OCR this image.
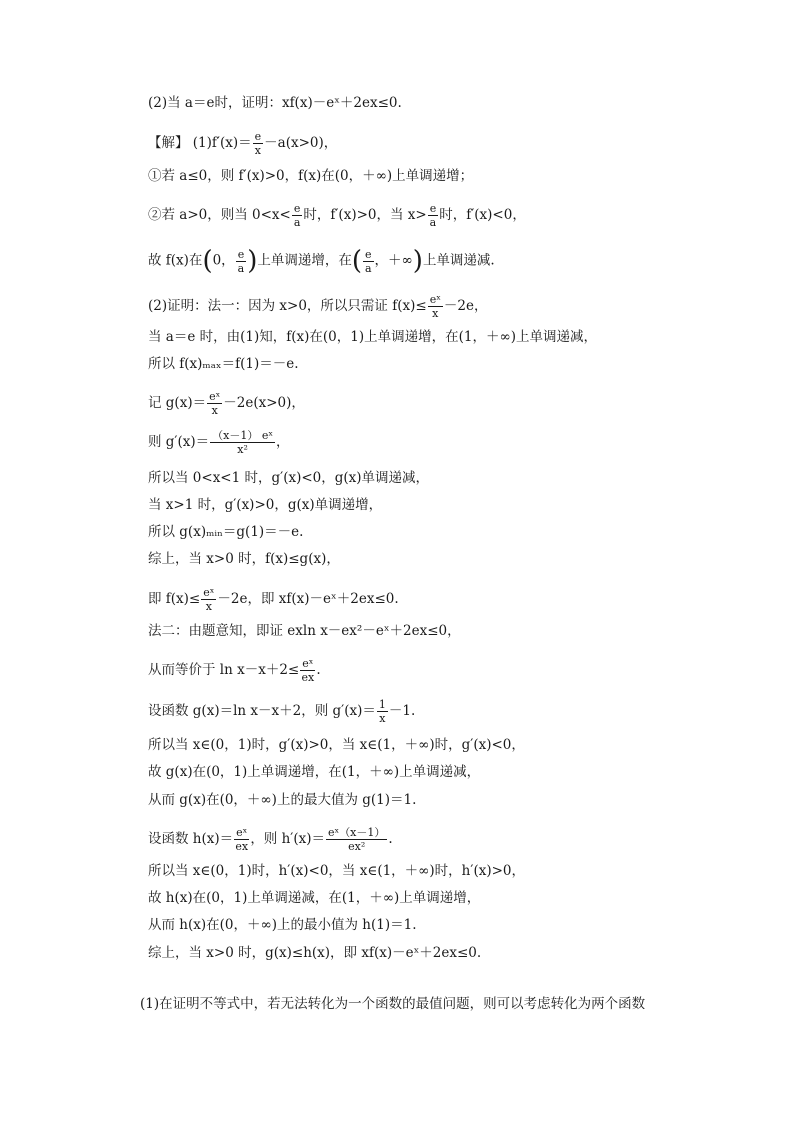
(2)当 a＝e时，证明：xf(x)－eˣ＋2ex≤0.
【解】 $(1)f'(x)= \frac{e}{x} -a(x>0)$，
①若 a≤0，则 f′(x)>0，f(x)在(0，＋∞)上单调递增；
②若 a>0，则当 $0<x< \frac{e}{a}$ 时，f′(x)>0，当 $x> \frac{e}{a}$ 时，f′(x)<0，
故 f(x)在(0， $\frac{e}{a}$ )上单调递增，在( $\frac{e}{a}$ ，＋∞)上单调递减.
(2)证明：法一：因为 x>0，所以只需证 $f(x)\le \frac{\text{eˣ}}{x} -2e$，
当 a＝e 时，由(1)知，f(x)在(0，1)上单调递增，在(1，＋∞)上单调递减，
所以 f(x)ₘₐₓ＝f(1)＝－e.
记 $g(x)= \frac{\text{eˣ}}{x} -2e(x>0)$，
则 $g'(x)= \frac{\text{（x－1） eˣ}}{\text{x²}}$ ，
所以当 0<x<1 时，g′(x)<0，g(x)单调递减，
当 x>1 时，g′(x)>0，g(x)单调递增，
所以 g(x)ₘᵢₙ＝g(1)＝－e.
综上，当 x>0 时，f(x)≤g(x)，
即 $f(x)\le \frac{\text{eˣ}}{x} -2e$，即 xf(x)－eˣ＋2ex≤0.
法二：由题意知，即证 exln x－ex²－eˣ＋2ex≤0，
从而等价于 $\ln x-x+2\le \frac{\text{eˣ}}{ex}$ .
设函数 g(x)＝ln x－x＋2，则 $g'(x)= \frac{1}{x} -1$.
所以当 x∈(0，1)时，g′(x)>0，当 x∈(1，＋∞)时，g′(x)<0，
故 g(x)在(0，1)上单调递增，在(1，＋∞)上单调递减，
从而 g(x)在(0，＋∞)上的最大值为 g(1)＝1.
设函数 $h(x)= \frac{\text{eˣ}}{ex}$ ，则 $h'(x)= \frac{\text{eˣ（x－1）}}{\text{ex²}}$ .
所以当 x∈(0，1)时，h′(x)<0，当 x∈(1，＋∞)时，h′(x)>0，
故 h(x)在(0，1)上单调递减，在(1，＋∞)上单调递增，
从而 h(x)在(0，＋∞)上的最小值为 h(1)＝1.
综上，当 x>0 时，g(x)≤h(x)，即 xf(x)－eˣ＋2ex≤0.
(1)在证明不等式中，若无法转化为一个函数的最值问题，则可以考虑转化为两个函数
